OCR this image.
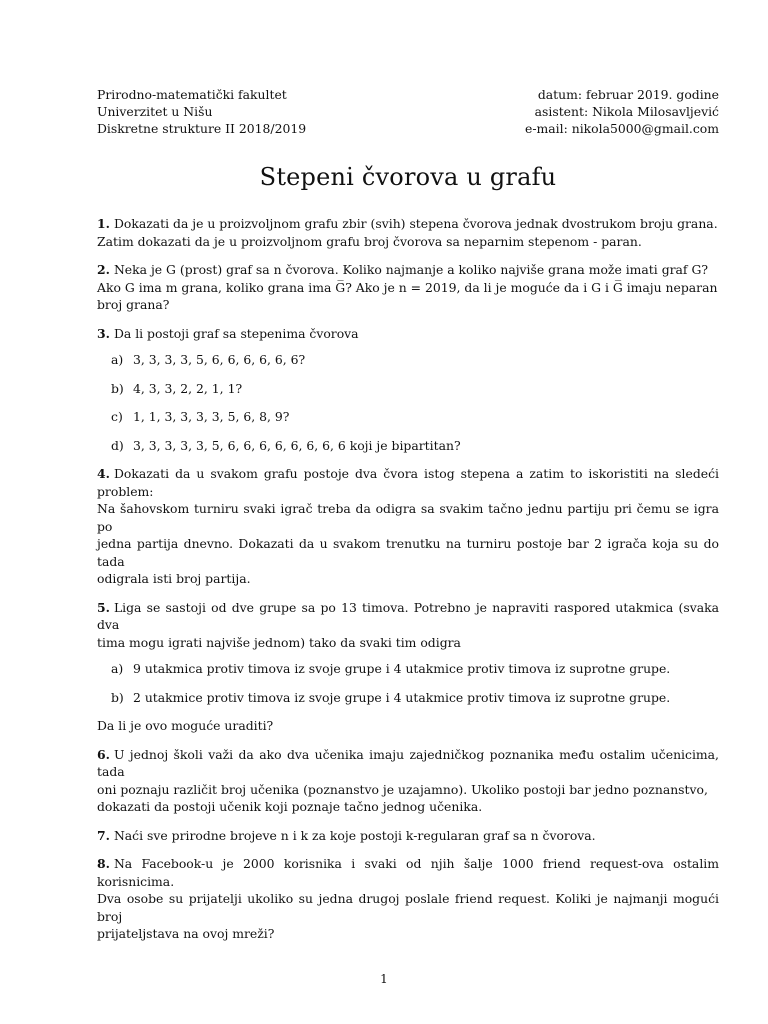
Prirodno-matematički fakultet
Univerzitet u Nišu
Diskretne strukture II 2018/2019
datum: februar 2019. godine
asistent: Nikola Milosavljević
e-mail: nikola5000@gmail.com
Stepeni čvorova u grafu
1. Dokazati da je u proizvoljnom grafu zbir (svih) stepena čvorova jednak dvostrukom broju grana.
Zatim dokazati da je u proizvoljnom grafu broj čvorova sa neparnim stepenom - paran.
2. Neka je G (prost) graf sa n čvorova. Koliko najmanje a koliko najviše grana može imati graf G?
Ako G ima m grana, koliko grana ima G̅? Ako je n = 2019, da li je moguće da i G i G̅ imaju neparan
broj grana?
3. Da li postoji graf sa stepenima čvorova
a) 3, 3, 3, 3, 5, 6, 6, 6, 6, 6, 6?
b) 4, 3, 3, 2, 2, 1, 1?
c) 1, 1, 3, 3, 3, 3, 5, 6, 8, 9?
d) 3, 3, 3, 3, 3, 5, 6, 6, 6, 6, 6, 6, 6, 6 koji je bipartitan?
4. Dokazati da u svakom grafu postoje dva čvora istog stepena a zatim to iskoristiti na sledeći problem:
Na šahovskom turniru svaki igrač treba da odigra sa svakim tačno jednu partiju pri čemu se igra po
jedna partija dnevno. Dokazati da u svakom trenutku na turniru postoje bar 2 igrača koja su do tada
odigrala isti broj partija.
5. Liga se sastoji od dve grupe sa po 13 timova. Potrebno je napraviti raspored utakmica (svaka dva
tima mogu igrati najviše jednom) tako da svaki tim odigra
a) 9 utakmica protiv timova iz svoje grupe i 4 utakmice protiv timova iz suprotne grupe.
b) 2 utakmice protiv timova iz svoje grupe i 4 utakmice protiv timova iz suprotne grupe.
Da li je ovo moguće uraditi?
6. U jednoj školi važi da ako dva učenika imaju zajedničkog poznanika među ostalim učenicima, tada
oni poznaju različit broj učenika (poznanstvo je uzajamno). Ukoliko postoji bar jedno poznanstvo,
dokazati da postoji učenik koji poznaje tačno jednog učenika.
7. Naći sve prirodne brojeve n i k za koje postoji k-regularan graf sa n čvorova.
8. Na Facebook-u je 2000 korisnika i svaki od njih šalje 1000 friend request-ova ostalim korisnicima.
Dva osobe su prijatelji ukoliko su jedna drugoj poslale friend request. Koliki je najmanji mogući broj
prijateljstava na ovoj mreži?
1
